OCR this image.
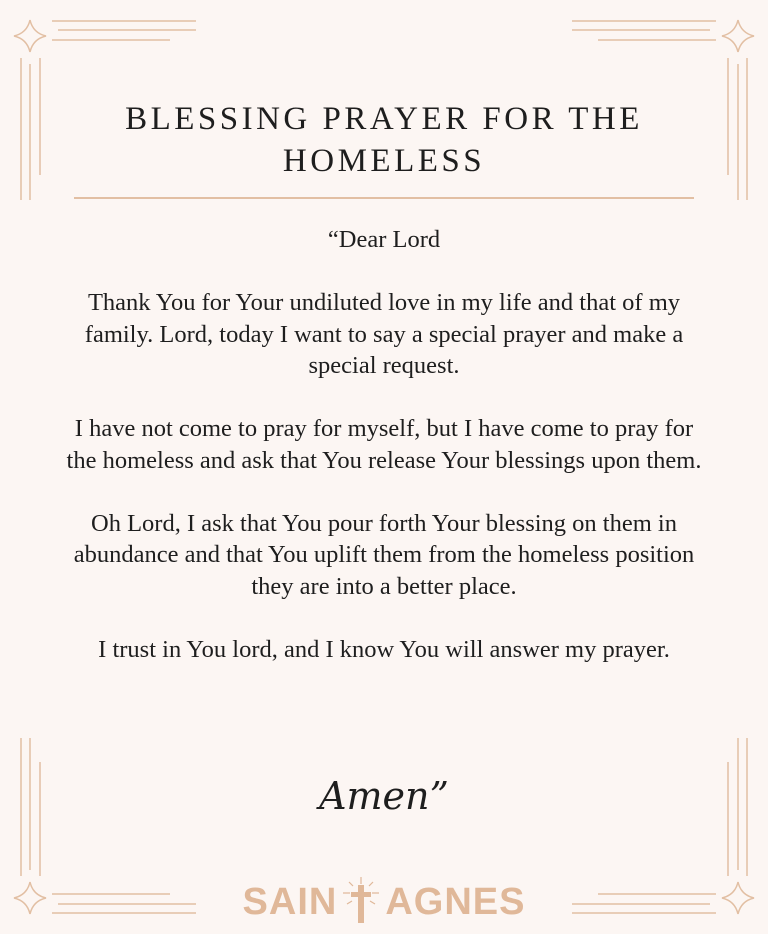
BLESSING PRAYER FOR THE HOMELESS

“Dear Lord

Thank You for Your undiluted love in my life and that of my family. Lord, today I want to say a special prayer and make a special request.

I have not come to pray for myself, but I have come to pray for the homeless and ask that You release Your blessings upon them.

Oh Lord, I ask that You pour forth Your blessing on them in abundance and that You uplift them from the homeless position they are into a better place.

I trust in You lord, and I know You will answer my prayer.

Amen”
SAIN AGNES
